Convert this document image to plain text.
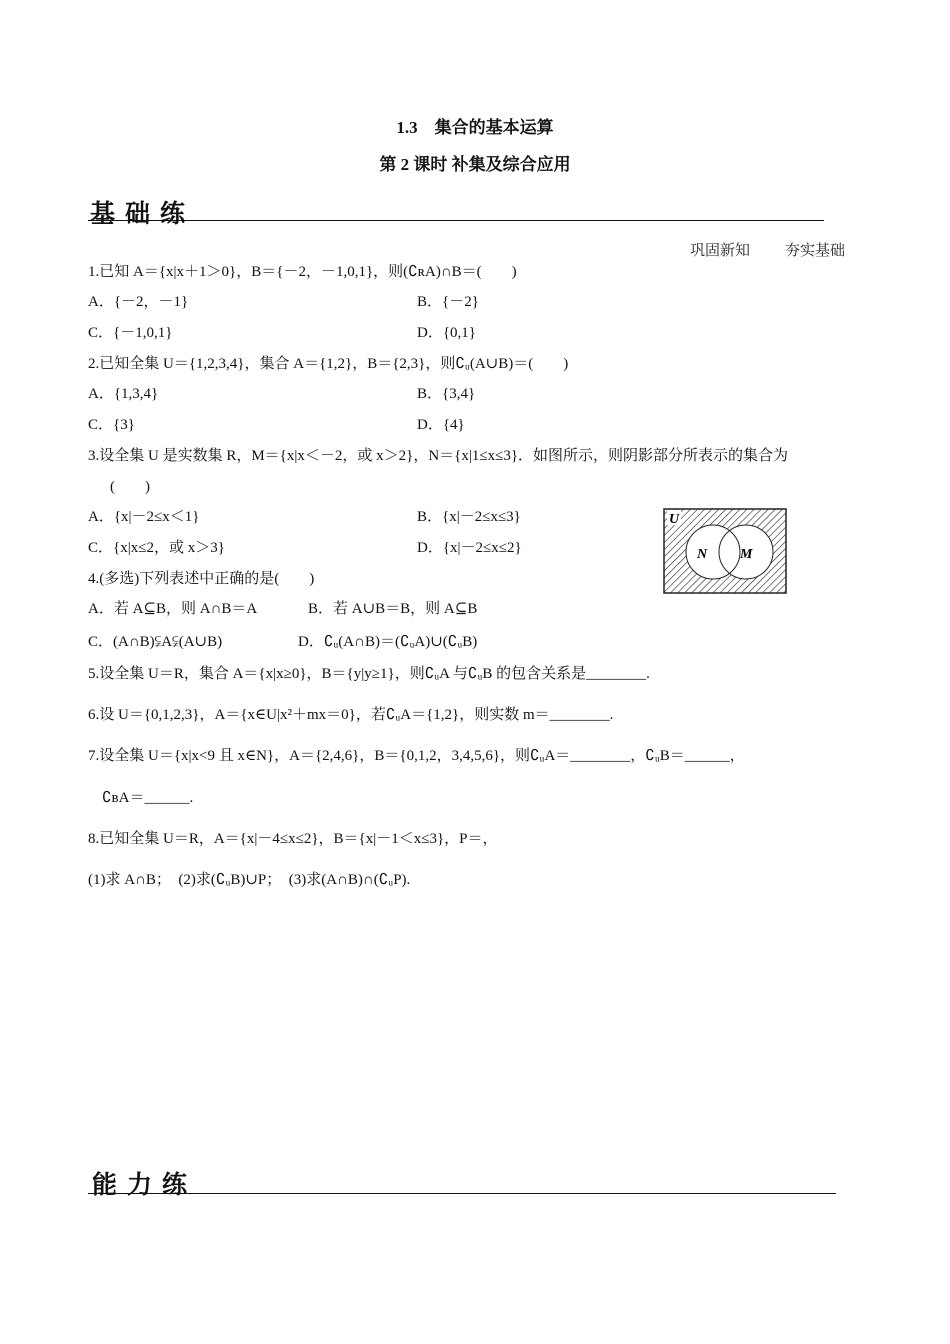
1.3　集合的基本运算
第 2 课时 补集及综合应用
基础练
巩固新知 夯实基础
1.已知 A＝{x|x＋1＞0}，B＝{－2，－1,0,1}，则(∁ʀA)∩B＝(　　)
A．{－2，－1}	B．{－2}
C．{－1,0,1}	D．{0,1}
2.已知全集 U＝{1,2,3,4}，集合 A＝{1,2}，B＝{2,3}，则∁ᵤ(A∪B)＝(　　)
A．{1,3,4}	B．{3,4}
C．{3}	D．{4}
3.设全集 U 是实数集 R，M＝{x|x＜－2，或 x＞2}，N＝{x|1≤x≤3}．如图所示，则阴影部分所表示的集合为
(　　)
A．{x|－2≤x＜1}	B．{x|－2≤x≤3}
C．{x|x≤2，或 x＞3}	D．{x|－2≤x≤2}
U
N M
4.(多选)下列表述中正确的是(　　)
A．若 A⊆B，则 A∩B＝A	B．若 A∪B＝B，则 A⊆B
C．(A∩B)⫋A⫋(A∪B)	D．∁ᵤ(A∩B)＝(∁ᵤA)∪(∁ᵤB)
5.设全集 U＝R，集合 A＝{x|x≥0}，B＝{y|y≥1}，则∁ᵤA 与∁ᵤB 的包含关系是________.
6.设 U＝{0,1,2,3}，A＝{x∈U|x²＋mx＝0}，若∁ᵤA＝{1,2}，则实数 m＝________.
7.设全集 U＝{x|x<9 且 x∈N}，A＝{2,4,6}，B＝{0,1,2，3,4,5,6}，则∁ᵤA＝________，∁ᵤB＝______，
∁ʙA＝______.
8.已知全集 U＝R，A＝{x|－4≤x≤2}，B＝{x|－1＜x≤3}，P＝，
(1)求 A∩B；　(2)求(∁ᵤB)∪P；　(3)求(A∩B)∩(∁ᵤP).
能力练
